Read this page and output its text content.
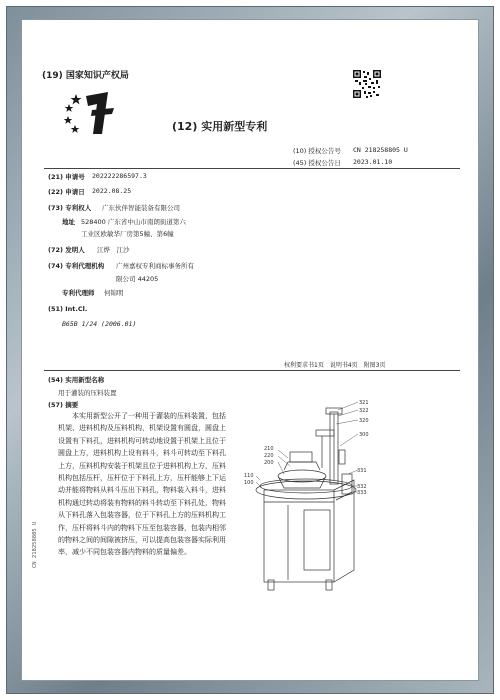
(19) 国家知识产权局
(12) 实用新型专利
(10) 授权公告号 CN 218258805 U
(45) 授权公告日 2023.01.10
(21) 申请号 202222286597.3
(22) 申请日 2022.08.25
(73) 专利权人 广东伙伴智能装备有限公司
地址 528400 广东省中山市南朗街道第六
工业区欧敏华厂房第5幢、第6幢
(72) 发明人 江烨　江沙
(74) 专利代理机构 广州嘉权专利商标事务所有
限公司 44205
专利代理师 何锦明
(51) Int.Cl.
B65B 1/24 (2006.01)
权利要求书1页　说明书4页　附图3页
(54) 实用新型名称
用于灌装的压料装置
(57) 摘要
本实用新型公开了一种用于灌装的压料装置，包括机架、进料机构及压料机构，机架设置有圆盘，圆盘上设置有下料孔，进料机构可转动地设置于机架上且位于圆盘上方，进料机构上设有料斗，料斗可转动至下料孔上方，压料机构安装于机架且位于进料机构上方，压料机构包括压杆，压杆位于下料孔上方，压杆能够上下运动并能将物料从料斗压出下料孔，物料装入料斗，进料机构通过转动将装有物料的料斗转动至下料孔处，物料从下料孔落入包装容器，位于下料孔上方的压料机构工作，压杆将料斗内的物料下压至包装容器，包装内相邻的物料之间的间隙被挤压，可以提高包装容器实际利用率，减少不同包装容器内物料的质量偏差。
321
322
320
300
210
220
200
331
110
100
332
333
CN 218258805 U
